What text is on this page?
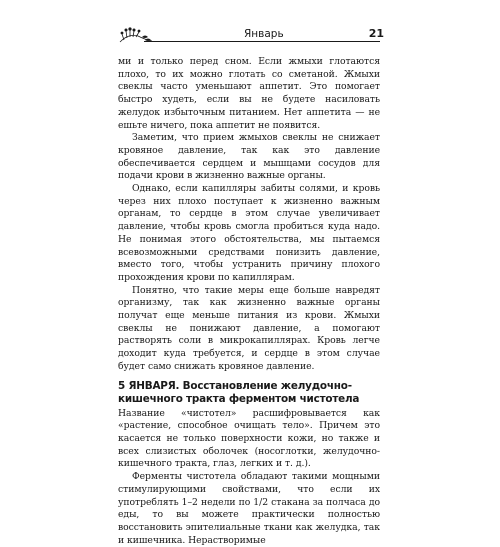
Январь	21

ми и только перед сном. Если жмыхи глотаются плохо, то их можно глотать со сметаной. Жмыхи свеклы часто уменьшают аппетит. Это помогает быстро худеть, если вы не будете насиловать желудок избыточным питанием. Нет аппетита — не ешьте ничего, пока аппетит не появится.

Заметим, что прием жмыхов свеклы не снижает кровяное давление, так как это давление обеспечивается сердцем и мышцами сосудов для подачи крови в жизненно важные органы.

Однако, если капилляры забиты солями, и кровь через них плохо поступает к жизненно важным органам, то сердце в этом случае увеличивает давление, чтобы кровь смогла пробиться куда надо. Не понимая этого обстоятельства, мы пытаемся всевозможными средствами понизить давление, вместо того, чтобы устранить причину плохого прохождения крови по капиллярам.

Понятно, что такие меры еще больше навредят организму, так как жизненно важные органы получат еще меньше питания из крови. Жмыхи свеклы не понижают давление, а помогают растворять соли в микрокапиллярах. Кровь легче доходит куда требуется, и сердце в этом случае будет само снижать кровяное давление.

5 ЯНВАРЯ. Восстановление желудочно-кишечного тракта ферментом чистотела

Название «чистотел» расшифровывается как «растение, способное очищать тело». Причем это касается не только поверхности кожи, но также и всех слизистых оболочек (носоглотки, желудочно-кишечного тракта, глаз, легких и т. д.).

Ферменты чистотела обладают такими мощными стимулирующими свойствами, что если их употреблять 1–2 недели по 1/2 стакана за полчаса до еды, то вы можете практически полностью восстановить эпителиальные ткани как желудка, так и кишечника. Нерастворимые
